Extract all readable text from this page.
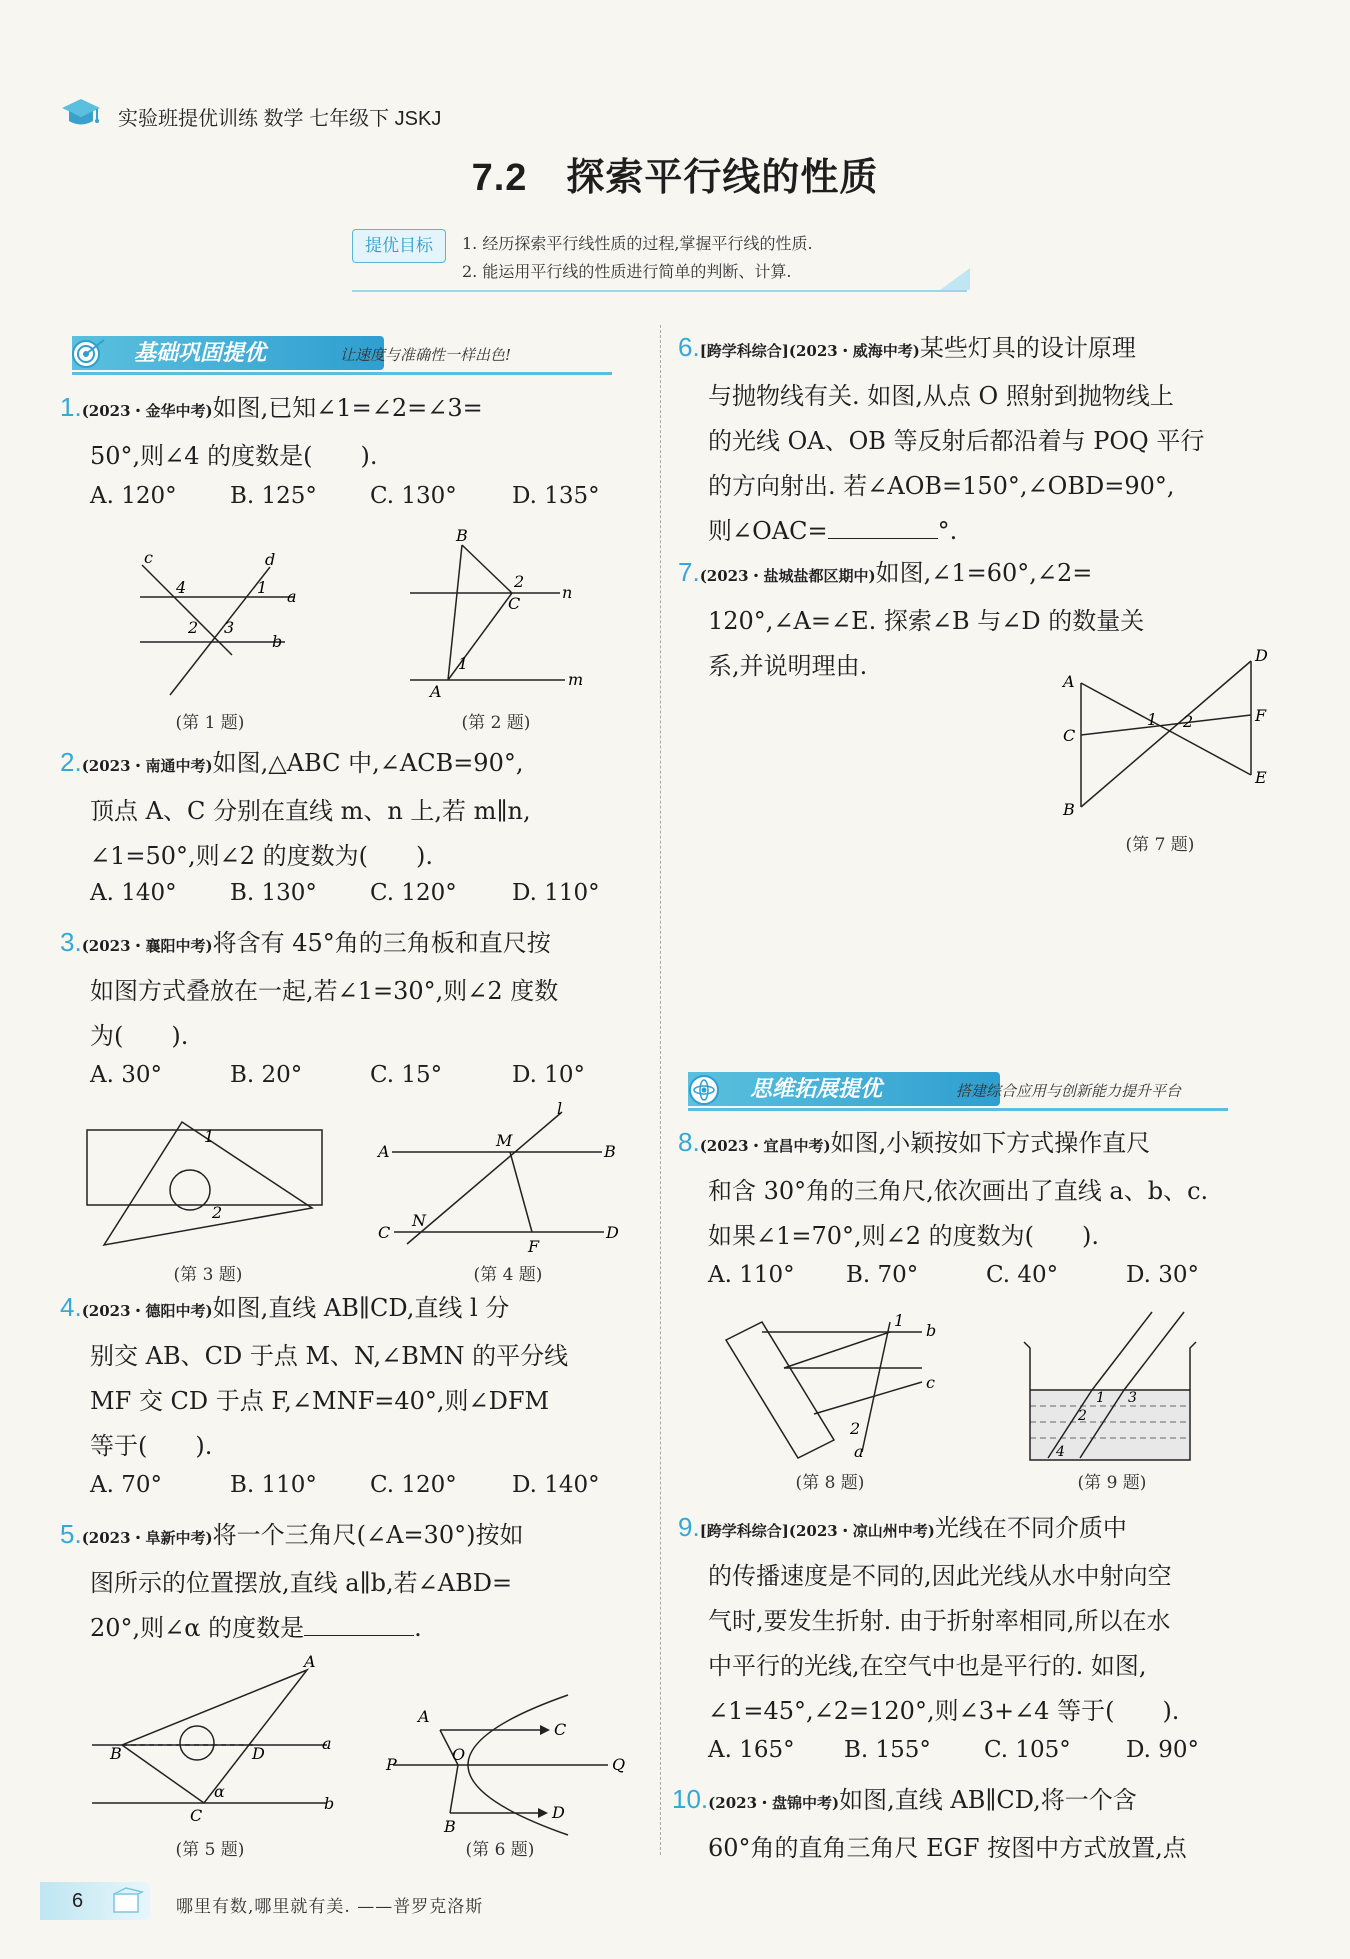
实验班提优训练 数学 七年级下 JSKJ
7.2　探索平行线的性质
提优目标	1. 经历探索平行线性质的过程,掌握平行线的性质.
2. 能运用平行线的性质进行简单的判断、计算.
基础巩固提优	让速度与准确性一样出色!
1.(2023・金华中考)如图,已知∠1=∠2=∠3=
50°,则∠4 的度数是(　　).
A. 120° B. 125° C. 130° D. 135°
c	d
4	1 a
2 3
b
(第 1 题)
B
2
n
C
1
A
m
(第 2 题)
2.(2023・南通中考)如图,△ABC 中,∠ACB=90°,
顶点 A、C 分别在直线 m、n 上,若 m∥n,
∠1=50°,则∠2 的度数为(　　).
A. 140° B. 130° C. 120° D. 110°
3.(2023・襄阳中考)将含有 45°角的三角板和直尺按
如图方式叠放在一起,若∠1=30°,则∠2 度数
为(　　).
A. 30°	B. 20°	C. 15°	D. 10°
1
2
(第 3 题)
l
A
M
B
C
N
F
D
(第 4 题)
4.(2023・德阳中考)如图,直线 AB∥CD,直线 l 分
别交 AB、CD 于点 M、N,∠BMN 的平分线
MF 交 CD 于点 F,∠MNF=40°,则∠DFM
等于(　　).
A. 70°	B. 110° C. 120° D. 140°
5.(2023・阜新中考)将一个三角尺(∠A=30°)按如
图所示的位置摆放,直线 a∥b,若∠ABD=
20°,则∠α 的度数是	.
A
B	D
a
α
C
b
(第 5 题)
A
C
P
O
Q
B
D
(第 6 题)
6.[跨学科综合](2023・威海中考)某些灯具的设计原理
与抛物线有关. 如图,从点 O 照射到抛物线上
的光线 OA、OB 等反射后都沿着与 POQ 平行
的方向射出. 若∠AOB=150°,∠OBD=90°,
则∠OAC=	°.
7.(2023・盐城盐都区期中)如图,∠1=60°,∠2=
120°,∠A=∠E. 探索∠B 与∠D 的数量关
系,并说明理由.
A
D
1 2	F
C
E
B
(第 7 题)
思维拓展提优	搭建综合应用与创新能力提升平台
8.(2023・宜昌中考)如图,小颖按如下方式操作直尺
和含 30°角的三角尺,依次画出了直线 a、b、c.
如果∠1=70°,则∠2 的度数为(　　).
A. 110° B. 70°	C. 40°	D. 30°
1
b
c
2
a
(第 8 题)
1 3
2
4
(第 9 题)
9.[跨学科综合](2023・凉山州中考)光线在不同介质中
的传播速度是不同的,因此光线从水中射向空
气时,要发生折射. 由于折射率相同,所以在水
中平行的光线,在空气中也是平行的. 如图,
∠1=45°,∠2=120°,则∠3+∠4 等于(　　).
A. 165° B. 155° C. 105° D. 90°
10.(2023・盘锦中考)如图,直线 AB∥CD,将一个含
60°角的直角三角尺 EGF 按图中方式放置,点
6	哪里有数,哪里就有美. ——普罗克洛斯
